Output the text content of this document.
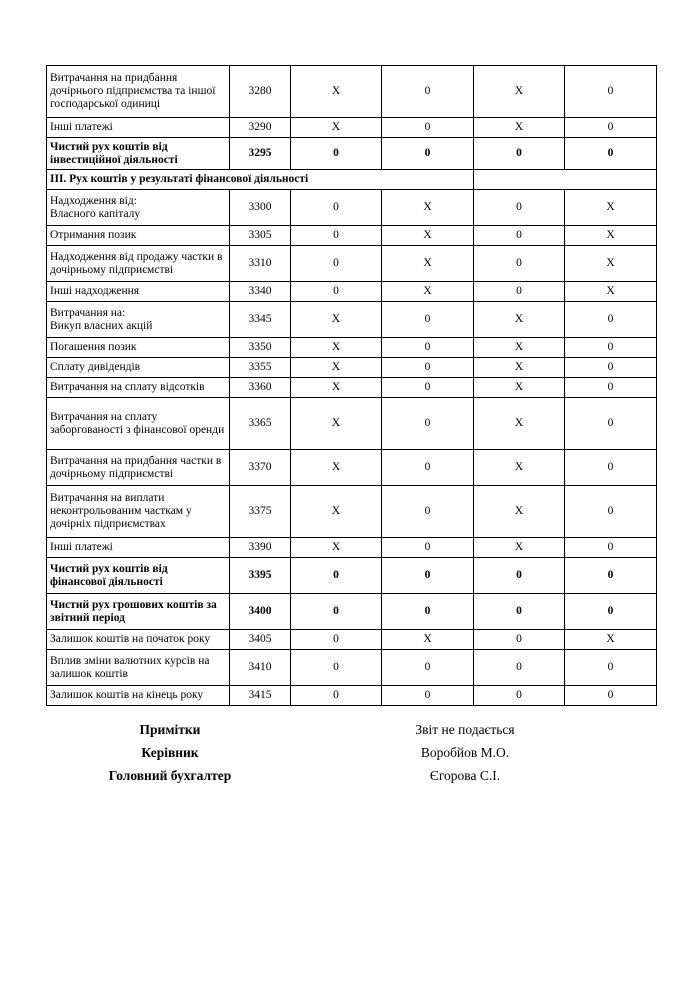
Витрачання на придбання дочірнього підприємства та іншої господарської одиниці	3280	X	0	X	0
Інші платежі	3290	X	0	X	0
Чистий рух коштів від інвестиційної діяльності	3295	0	0	0	0
ІІІ. Рух коштів у результаті фінансової діяльності					
Надходження від:
Власного капіталу	3300	0	X	0	X
Отримання позик	3305	0	X	0	X
Надходження від продажу частки в дочірньому підприємстві	3310	0	X	0	X
Інші надходження	3340	0	X	0	X
Витрачання на:
Викуп власних акцій	3345	X	0	X	0
Погашення позик	3350	X	0	X	0
Сплату дивідендів	3355	X	0	X	0
Витрачання на сплату відсотків	3360	X	0	X	0
Витрачання на сплату заборгованості з фінансової оренди	3365	X	0	X	0
Витрачання на придбання частки в дочірньому підприємстві	3370	X	0	X	0
Витрачання на виплати неконтрольованим часткам у дочірніх підприємствах	3375	X	0	X	0
Інші платежі	3390	X	0	X	0
Чистий рух коштів від фінансової діяльності	3395	0	0	0	0
Чистий рух грошових коштів за звітний період	3400	0	0	0	0
Залишок коштів на початок року	3405	0	X	0	X
Вплив зміни валютних курсів на залишок коштів	3410	0	0	0	0
Залишок коштів на кінець року	3415	0	0	0	0
Примітки	Звіт не подається
Керівник	Воробйов М.О.
Головний бухгалтер	Єгорова С.І.
